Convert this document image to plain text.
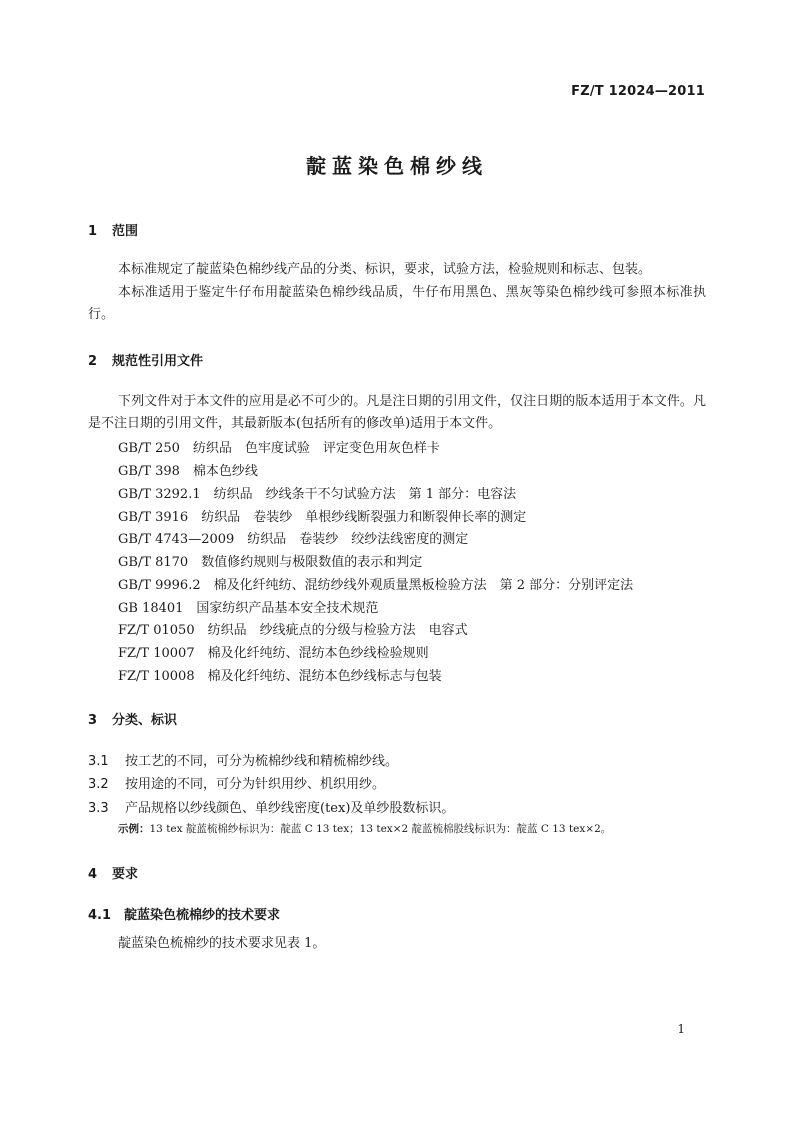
FZ/T 12024—2011
靛蓝染色棉纱线
1 范围
本标准规定了靛蓝染色棉纱线产品的分类、标识，要求，试验方法，检验规则和标志、包装。
本标准适用于鉴定牛仔布用靛蓝染色棉纱线品质，牛仔布用黑色、黑灰等染色棉纱线可参照本标准执行。
2 规范性引用文件
下列文件对于本文件的应用是必不可少的。凡是注日期的引用文件，仅注日期的版本适用于本文件。凡是不注日期的引用文件，其最新版本(包括所有的修改单)适用于本文件。
GB/T 250　纺织品　色牢度试验　评定变色用灰色样卡
GB/T 398　棉本色纱线
GB/T 3292.1　纺织品　纱线条干不匀试验方法　第 1 部分：电容法
GB/T 3916　纺织品　卷装纱　单根纱线断裂强力和断裂伸长率的测定
GB/T 4743—2009　纺织品　卷装纱　绞纱法线密度的测定
GB/T 8170　数值修约规则与极限数值的表示和判定
GB/T 9996.2　棉及化纤纯纺、混纺纱线外观质量黑板检验方法　第 2 部分：分别评定法
GB 18401　国家纺织产品基本安全技术规范
FZ/T 01050　纺织品　纱线疵点的分级与检验方法　电容式
FZ/T 10007　棉及化纤纯纺、混纺本色纱线检验规则
FZ/T 10008　棉及化纤纯纺、混纺本色纱线标志与包装
3 分类、标识
3.1 按工艺的不同，可分为梳棉纱线和精梳棉纱线。
3.2 按用途的不同，可分为针织用纱、机织用纱。
3.3 产品规格以纱线颜色、单纱线密度(tex)及单纱股数标识。
示例：13 tex 靛蓝梳棉纱标识为：靛蓝 C 13 tex；13 tex×2 靛蓝梳棉股线标识为：靛蓝 C 13 tex×2。
4 要求
4.1 靛蓝染色梳棉纱的技术要求
靛蓝染色梳棉纱的技术要求见表 1。
1
